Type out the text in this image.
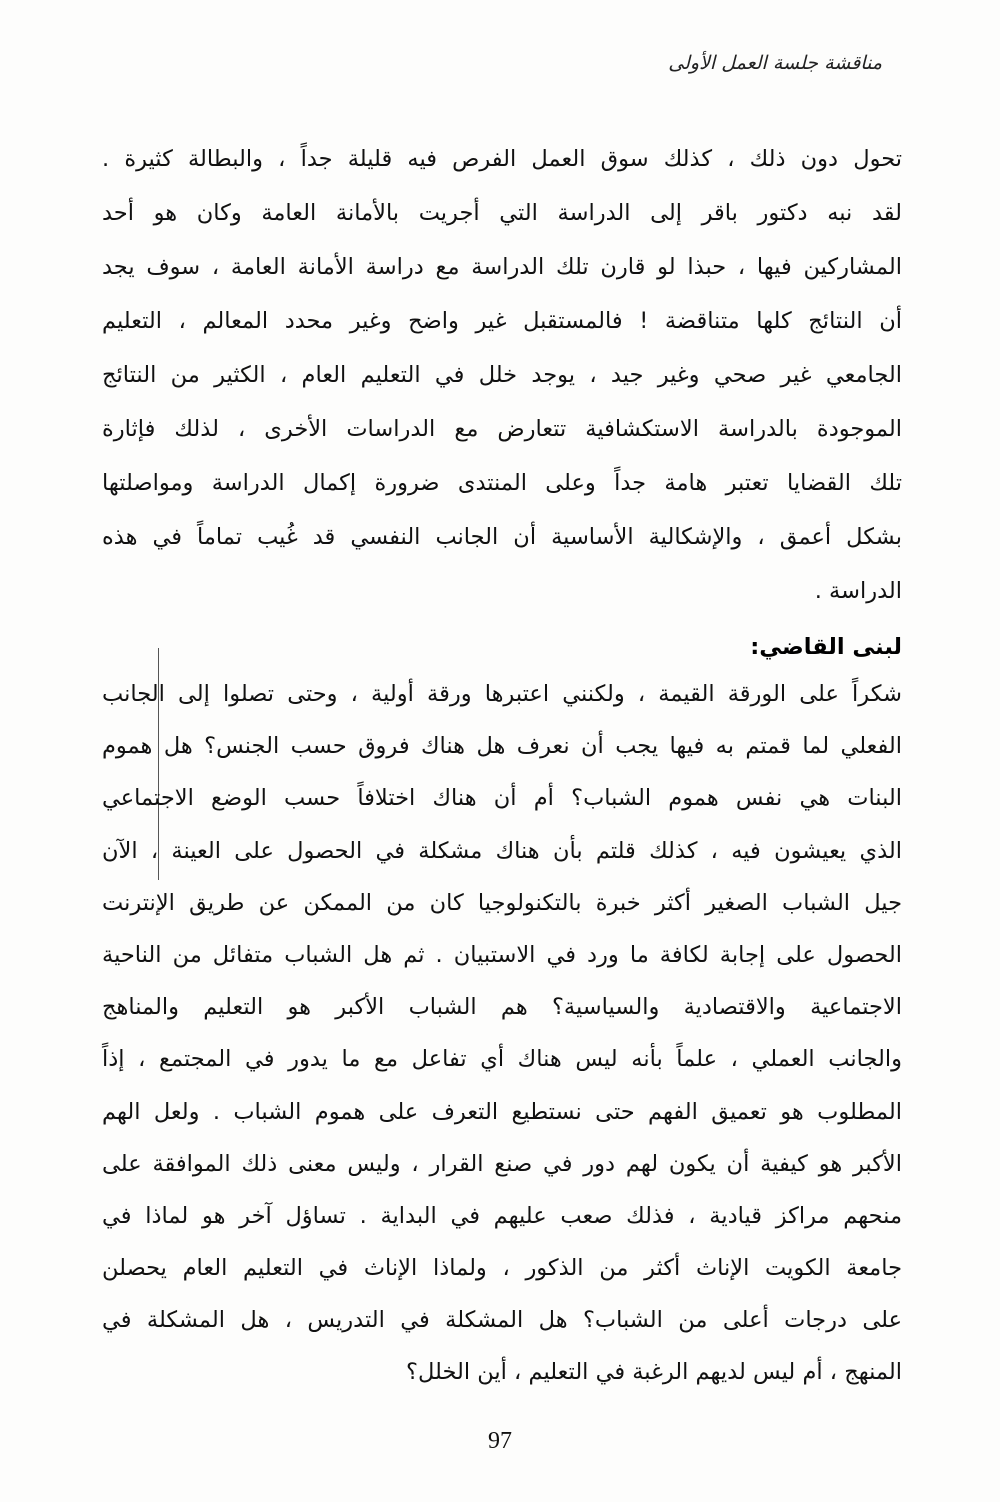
مناقشة جلسة العمل الأولى
تحول دون ذلك ، كذلك سوق العمل الفرص فيه قليلة جداً ، والبطالة كثيرة .
لقد نبه دكتور باقر إلى الدراسة التي أجريت بالأمانة العامة وكان هو أحد
المشاركين فيها ، حبذا لو قارن تلك الدراسة مع دراسة الأمانة العامة ، سوف يجد
أن النتائج كلها متناقضة ! فالمستقبل غير واضح وغير محدد المعالم ، التعليم
الجامعي غير صحي وغير جيد ، يوجد خلل في التعليم العام ، الكثير من النتائج
الموجودة بالدراسة الاستكشافية تتعارض مع الدراسات الأخرى ، لذلك فإثارة
تلك القضايا تعتبر هامة جداً وعلى المنتدى ضرورة إكمال الدراسة ومواصلتها
بشكل أعمق ، والإشكالية الأساسية أن الجانب النفسي قد غُيب تماماً في هذه
الدراسة .
لبنى القاضي:
شكراً على الورقة القيمة ، ولكنني اعتبرها ورقة أولية ، وحتى تصلوا إلى الجانب
الفعلي لما قمتم به فيها يجب أن نعرف هل هناك فروق حسب الجنس؟ هل هموم
البنات هي نفس هموم الشباب؟ أم أن هناك اختلافاً حسب الوضع الاجتماعي
الذي يعيشون فيه ، كذلك قلتم بأن هناك مشكلة في الحصول على العينة ، الآن
جيل الشباب الصغير أكثر خبرة بالتكنولوجيا كان من الممكن عن طريق الإنترنت
الحصول على إجابة لكافة ما ورد في الاستبيان . ثم هل الشباب متفائل من الناحية
الاجتماعية والاقتصادية والسياسية؟ هم الشباب الأكبر هو التعليم والمناهج
والجانب العملي ، علماً بأنه ليس هناك أي تفاعل مع ما يدور في المجتمع ، إذاً
المطلوب هو تعميق الفهم حتى نستطيع التعرف على هموم الشباب . ولعل الهم
الأكبر هو كيفية أن يكون لهم دور في صنع القرار ، وليس معنى ذلك الموافقة على
منحهم مراكز قيادية ، فذلك صعب عليهم في البداية . تساؤل آخر هو لماذا في
جامعة الكويت الإناث أكثر من الذكور ، ولماذا الإناث في التعليم العام يحصلن
على درجات أعلى من الشباب؟ هل المشكلة في التدريس ، هل المشكلة في
المنهج ، أم ليس لديهم الرغبة في التعليم ، أين الخلل؟
97
